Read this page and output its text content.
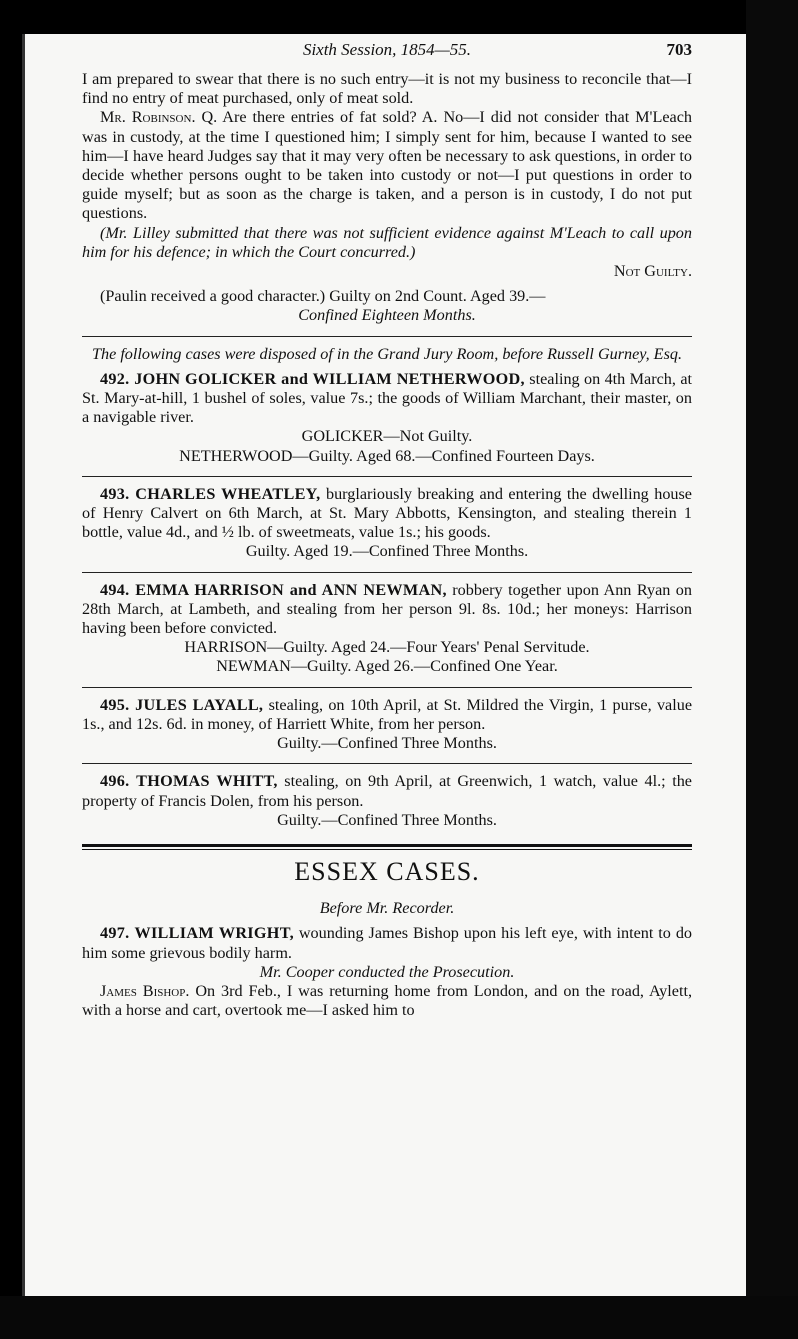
Sixth Session, 1854—55.	703

I am prepared to swear that there is no such entry—it is not my business to reconcile that—I find no entry of meat purchased, only of meat sold.

Mr. Robinson. Q. Are there entries of fat sold? A. No—I did not consider that M'Leach was in custody, at the time I questioned him; I simply sent for him, because I wanted to see him—I have heard Judges say that it may very often be necessary to ask questions, in order to decide whether persons ought to be taken into custody or not—I put questions in order to guide myself; but as soon as the charge is taken, and a person is in custody, I do not put questions.

(Mr. Lilley submitted that there was not sufficient evidence against M'Leach to call upon him for his defence; in which the Court concurred.)

Not Guilty.

(Paulin received a good character.) Guilty on 2nd Count. Aged 39.—

Confined Eighteen Months.

The following cases were disposed of in the Grand Jury Room, before Russell Gurney, Esq.

492. JOHN GOLICKER and WILLIAM NETHERWOOD, stealing on 4th March, at St. Mary-at-hill, 1 bushel of soles, value 7s.; the goods of William Marchant, their master, on a navigable river.

GOLICKER—Not Guilty.

NETHERWOOD—Guilty. Aged 68.—Confined Fourteen Days.

493. CHARLES WHEATLEY, burglariously breaking and entering the dwelling house of Henry Calvert on 6th March, at St. Mary Abbotts, Kensington, and stealing therein 1 bottle, value 4d., and ½ lb. of sweetmeats, value 1s.; his goods.

Guilty. Aged 19.—Confined Three Months.

494. EMMA HARRISON and ANN NEWMAN, robbery together upon Ann Ryan on 28th March, at Lambeth, and stealing from her person 9l. 8s. 10d.; her moneys: Harrison having been before convicted.

HARRISON—Guilty. Aged 24.—Four Years' Penal Servitude.

NEWMAN—Guilty. Aged 26.—Confined One Year.

495. JULES LAYALL, stealing, on 10th April, at St. Mildred the Virgin, 1 purse, value 1s., and 12s. 6d. in money, of Harriett White, from her person.

Guilty.—Confined Three Months.

496. THOMAS WHITT, stealing, on 9th April, at Greenwich, 1 watch, value 4l.; the property of Francis Dolen, from his person.

Guilty.—Confined Three Months.

ESSEX CASES.

Before Mr. Recorder.

497. WILLIAM WRIGHT, wounding James Bishop upon his left eye, with intent to do him some grievous bodily harm.

Mr. Cooper conducted the Prosecution.

James Bishop. On 3rd Feb., I was returning home from London, and on the road, Aylett, with a horse and cart, overtook me—I asked him to
